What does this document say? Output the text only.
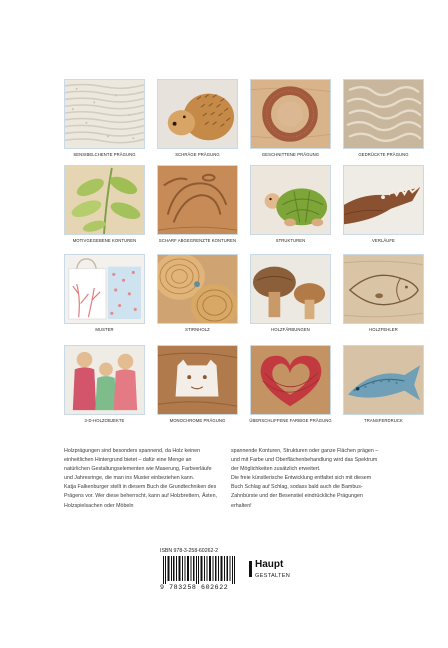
SENSIBELCHENTE PRÄGUNG	SCHRÄGE PRÄGUNG	GESCHNITTENE PRÄGUNG	GEDRÜCKTE PRÄGUNG
MOTIVGEGEBENE KONTUREN	SCHARF ABGEGRENZTE KONTUREN	STRUKTUREN	VERLÄUFE
MUSTER	STIRNHOLZ	HOLZFÄRBUNGEN	HOLZFEHLER
3-D-HOLZOBJEKTE	MONOCHROME PRÄGUNG	ÜBERSCHLIFFENE FARBIGE PRÄGUNG	TRANSFERDRUCK

Holzprägungen sind besonders spannend, da Holz keinen einheitlichen Hintergrund bietet – dafür eine Menge an natürlichen Gestaltungselementen wie Maserung, Farbverläufe und Jahresringe, die man ins Muster einbeziehen kann.

Katja Falkenburger stellt in diesem Buch die Grundtechniken des Prägens vor. Wer diese beherrscht, kann auf Holzbrettern, Ästen, Holzspielsachen oder Möbeln

spannende Konturen, Strukturen oder ganze Flächen prägen – und mit Farbe und Oberflächenbehandlung wird das Spektrum der Möglichkeiten zusätzlich erweitert.

Die freie künstlerische Entwicklung entfaltet sich mit diesem Buch Schlag auf Schlag, sodass bald auch die Bambus-Zahnbürste und der Besenstiel eindrückliche Prägungen erhalten!

ISBN 978-3-258-60262-2
9 783258 602622
Haupt
GESTALTEN
